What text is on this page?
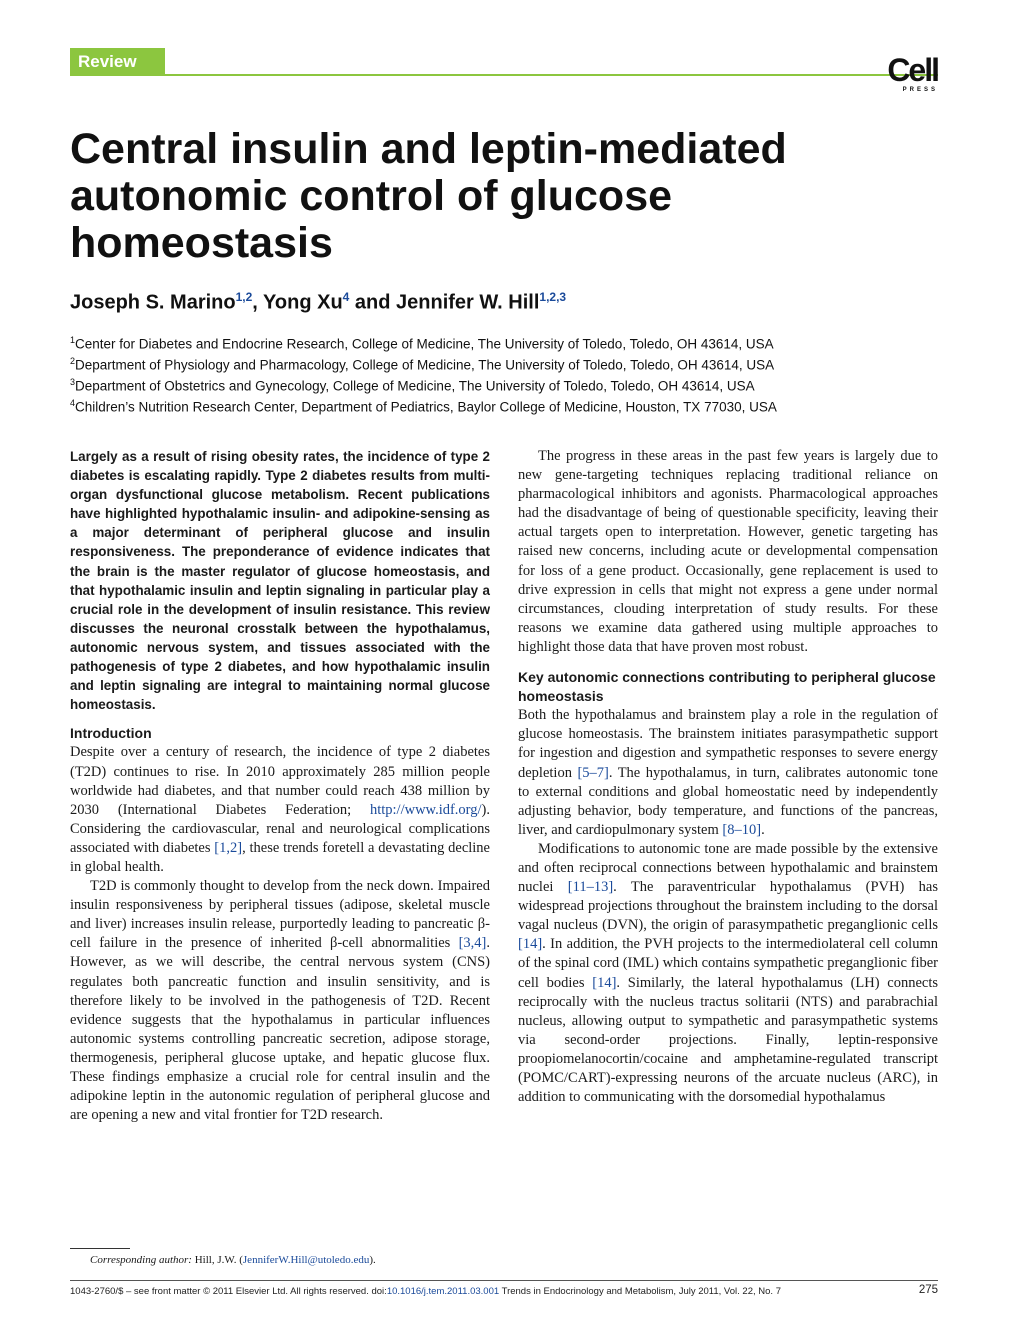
Review	Cell
PRESS
Central insulin and leptin-mediated autonomic control of glucose homeostasis
Joseph S. Marino$^{1,2}$, Yong Xu$^4$ and Jennifer W. Hill$^{1,2,3}$
$^1$Center for Diabetes and Endocrine Research, College of Medicine, The University of Toledo, Toledo, OH 43614, USA
$^2$Department of Physiology and Pharmacology, College of Medicine, The University of Toledo, Toledo, OH 43614, USA
$^3$Department of Obstetrics and Gynecology, College of Medicine, The University of Toledo, Toledo, OH 43614, USA
$^4$Children’s Nutrition Research Center, Department of Pediatrics, Baylor College of Medicine, Houston, TX 77030, USA

Largely as a result of rising obesity rates, the incidence of type 2 diabetes is escalating rapidly. Type 2 diabetes results from multi-organ dysfunctional glucose metabolism. Recent publications have highlighted hypothalamic insulin- and adipokine-sensing as a major determinant of peripheral glucose and insulin responsiveness. The preponderance of evidence indicates that the brain is the master regulator of glucose homeostasis, and that hypothalamic insulin and leptin signaling in particular play a crucial role in the development of insulin resistance. This review discusses the neuronal crosstalk between the hypothalamus, autonomic nervous system, and tissues associated with the pathogenesis of type 2 diabetes, and how hypothalamic insulin and leptin signaling are integral to maintaining normal glucose homeostasis.

Introduction

Despite over a century of research, the incidence of type 2 diabetes (T2D) continues to rise. In 2010 approximately 285 million people worldwide had diabetes, and that number could reach 438 million by 2030 (International Diabetes Federation; http://www.idf.org/). Considering the cardiovascular, renal and neurological complications associated with diabetes [1,2], these trends foretell a devastating decline in global health.

T2D is commonly thought to develop from the neck down. Impaired insulin responsiveness by peripheral tissues (adipose, skeletal muscle and liver) increases insulin release, purportedly leading to pancreatic β-cell failure in the presence of inherited β-cell abnormalities [3,4]. However, as we will describe, the central nervous system (CNS) regulates both pancreatic function and insulin sensitivity, and is therefore likely to be involved in the pathogenesis of T2D. Recent evidence suggests that the hypothalamus in particular influences autonomic systems controlling pancreatic secretion, adipose storage, thermogenesis, peripheral glucose uptake, and hepatic glucose flux. These findings emphasize a crucial role for central insulin and the adipokine leptin in the autonomic regulation of peripheral glucose and are opening a new and vital frontier for T2D research.

The progress in these areas in the past few years is largely due to new gene-targeting techniques replacing traditional reliance on pharmacological inhibitors and agonists. Pharmacological approaches had the disadvantage of being of questionable specificity, leaving their actual targets open to interpretation. However, genetic targeting has raised new concerns, including acute or developmental compensation for loss of a gene product. Occasionally, gene replacement is used to drive expression in cells that might not express a gene under normal circumstances, clouding interpretation of study results. For these reasons we examine data gathered using multiple approaches to highlight those data that have proven most robust.

Key autonomic connections contributing to peripheral glucose homeostasis

Both the hypothalamus and brainstem play a role in the regulation of glucose homeostasis. The brainstem initiates parasympathetic support for ingestion and digestion and sympathetic responses to severe energy depletion [5–7]. The hypothalamus, in turn, calibrates autonomic tone to external conditions and global homeostatic need by independently adjusting behavior, body temperature, and functions of the pancreas, liver, and cardiopulmonary system [8–10].

Modifications to autonomic tone are made possible by the extensive and often reciprocal connections between hypothalamic and brainstem nuclei [11–13]. The paraventricular hypothalamus (PVH) has widespread projections throughout the brainstem including to the dorsal vagal nucleus (DVN), the origin of parasympathetic preganglionic cells [14]. In addition, the PVH projects to the intermediolateral cell column of the spinal cord (IML) which contains sympathetic preganglionic fiber cell bodies [14]. Similarly, the lateral hypothalamus (LH) connects reciprocally with the nucleus tractus solitarii (NTS) and parabrachial nucleus, allowing output to sympathetic and parasympathetic systems via second-order projections. Finally, leptin-responsive proopiomelanocortin/cocaine and amphetamine-regulated transcript (POMC/CART)-expressing neurons of the arcuate nucleus (ARC), in addition to communicating with the dorsomedial hypothalamus

Corresponding author: Hill, J.W. (JenniferW.Hill@utoledo.edu).
1043-2760/$ – see front matter © 2011 Elsevier Ltd. All rights reserved. doi:10.1016/j.tem.2011.03.001 Trends in Endocrinology and Metabolism, July 2011, Vol. 22, No. 7	275
